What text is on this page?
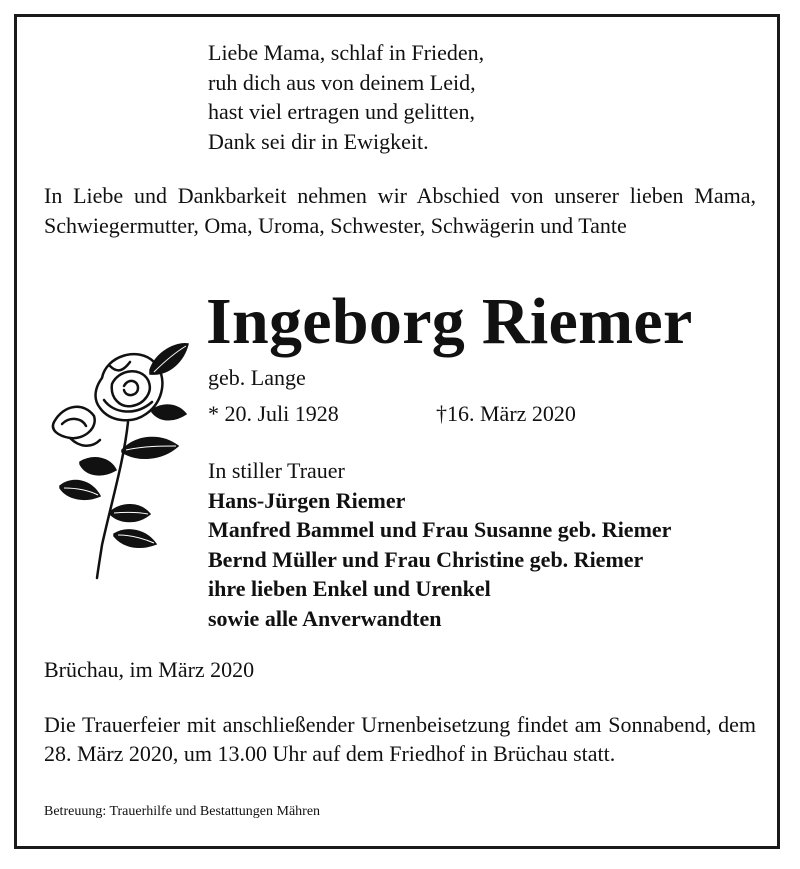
Liebe Mama, schlaf in Frieden,
ruh dich aus von deinem Leid,
hast viel ertragen und gelitten,
Dank sei dir in Ewigkeit.
In Liebe und Dankbarkeit nehmen wir Abschied von unserer lieben Mama, Schwiegermutter, Oma, Uroma, Schwester, Schwägerin und Tante
Ingeborg Riemer
geb. Lange
* 20. Juli 1928	†16. März 2020
In stiller Trauer
Hans-Jürgen Riemer
Manfred Bammel und Frau Susanne geb. Riemer
Bernd Müller und Frau Christine geb. Riemer
ihre lieben Enkel und Urenkel
sowie alle Anverwandten
Brüchau, im März 2020
Die Trauerfeier mit anschließender Urnenbeisetzung findet am Sonnabend, dem 28. März 2020, um 13.00 Uhr auf dem Friedhof in Brüchau statt.
Betreuung: Trauerhilfe und Bestattungen Mähren
